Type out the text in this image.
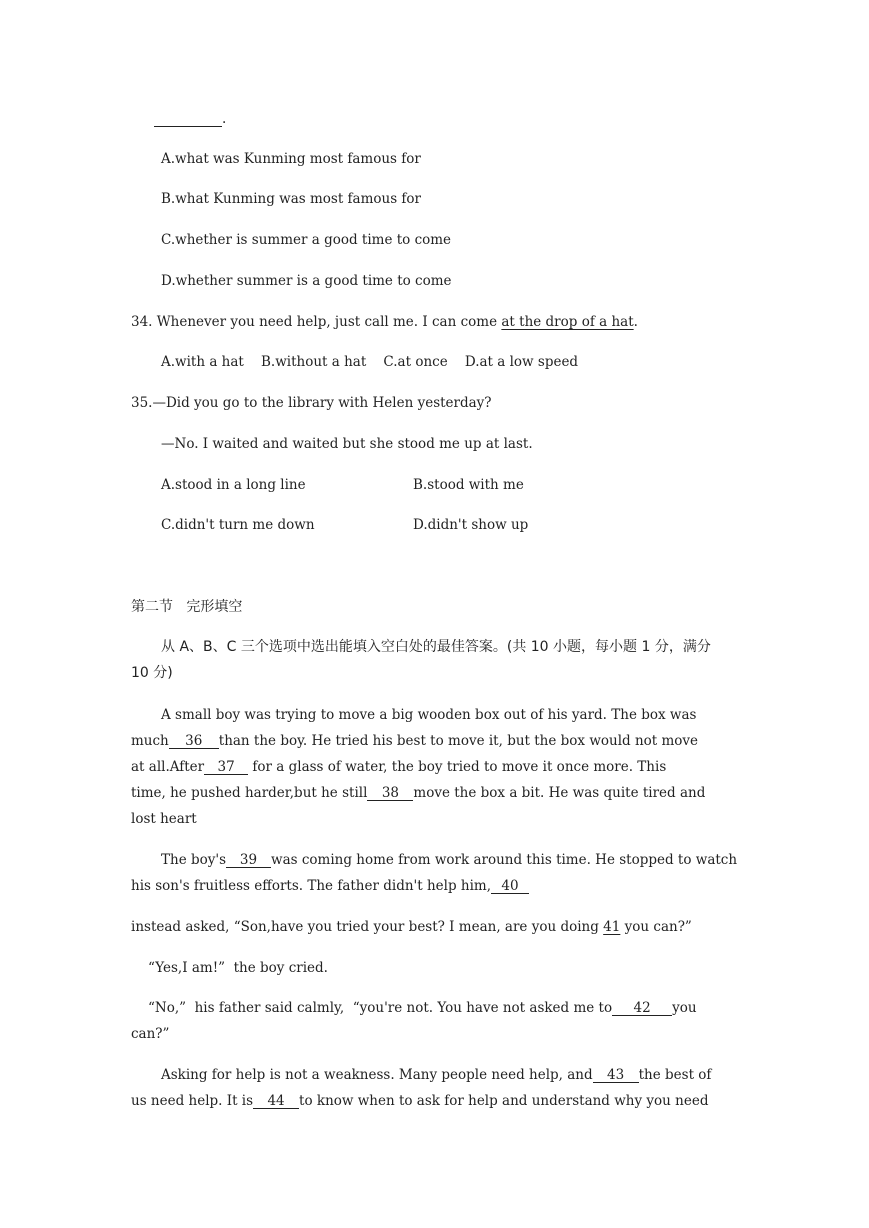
.
A.what was Kunming most famous for
B.what Kunming was most famous for
C.whether is summer a good time to come
D.whether summer is a good time to come
34. Whenever you need help, just call me. I can come at the drop of a hat.
A.with a hat    B.without a hat    C.at once    D.at a low speed
35.—Did you go to the library with Helen yesterday?
—No. I waited and waited but she stood me up at last.
A.stood in a long line	B.stood with me
C.didn't turn me down	D.didn't show up
第二节   完形填空
从 A、B、C 三个选项中选出能填入空白处的最佳答案。(共 10 小题，每小题 1 分，满分
10 分)
A small boy was trying to move a big wooden box out of his yard. The box was
much 36 than the boy. He tried his best to move it, but the box would not move
at all.After 37 for a glass of water, the boy tried to move it once more. This
time, he pushed harder,but he still 38 move the box a bit. He was quite tired and
lost heart
The boy's 39 was coming home from work around this time. He stopped to watch
his son's fruitless efforts. The father didn't help him, 40
instead asked, “Son,have you tried your best? I mean, are you doing 41 you can?”
“Yes,I am!”  the boy cried.
“No,”  his father said calmly,  “you're not. You have not asked me to 42 you
can?”
Asking for help is not a weakness. Many people need help, and 43 the best of
us need help. It is 44 to know when to ask for help and understand why you need
